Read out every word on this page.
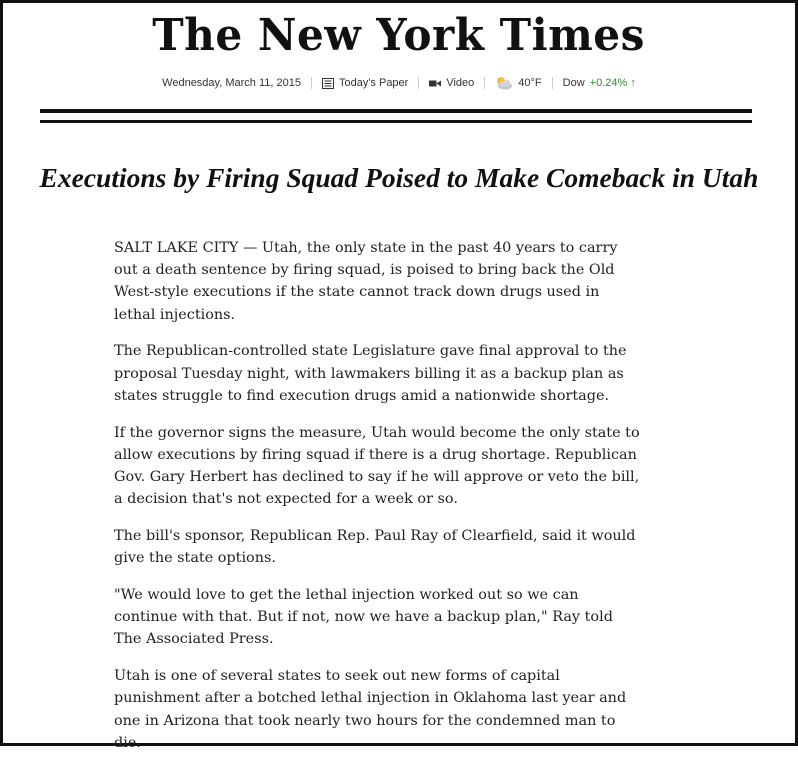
The New York Times
Wednesday, March 11, 2015	Today's Paper	Video	40°F Dow +0.24% ↑
Executions by Firing Squad Poised to Make Comeback in Utah

SALT LAKE CITY — Utah, the only state in the past 40 years to carry out a death sentence by firing squad, is poised to bring back the Old West-style executions if the state cannot track down drugs used in lethal injections.

The Republican-controlled state Legislature gave final approval to the proposal Tuesday night, with lawmakers billing it as a backup plan as states struggle to find execution drugs amid a nationwide shortage.

If the governor signs the measure, Utah would become the only state to allow executions by firing squad if there is a drug shortage. Republican Gov. Gary Herbert has declined to say if he will approve or veto the bill, a decision that's not expected for a week or so.

The bill's sponsor, Republican Rep. Paul Ray of Clearfield, said it would give the state options.

"We would love to get the lethal injection worked out so we can continue with that. But if not, now we have a backup plan," Ray told The Associated Press.

Utah is one of several states to seek out new forms of capital punishment after a botched lethal injection in Oklahoma last year and one in Arizona that took nearly two hours for the condemned man to die.
